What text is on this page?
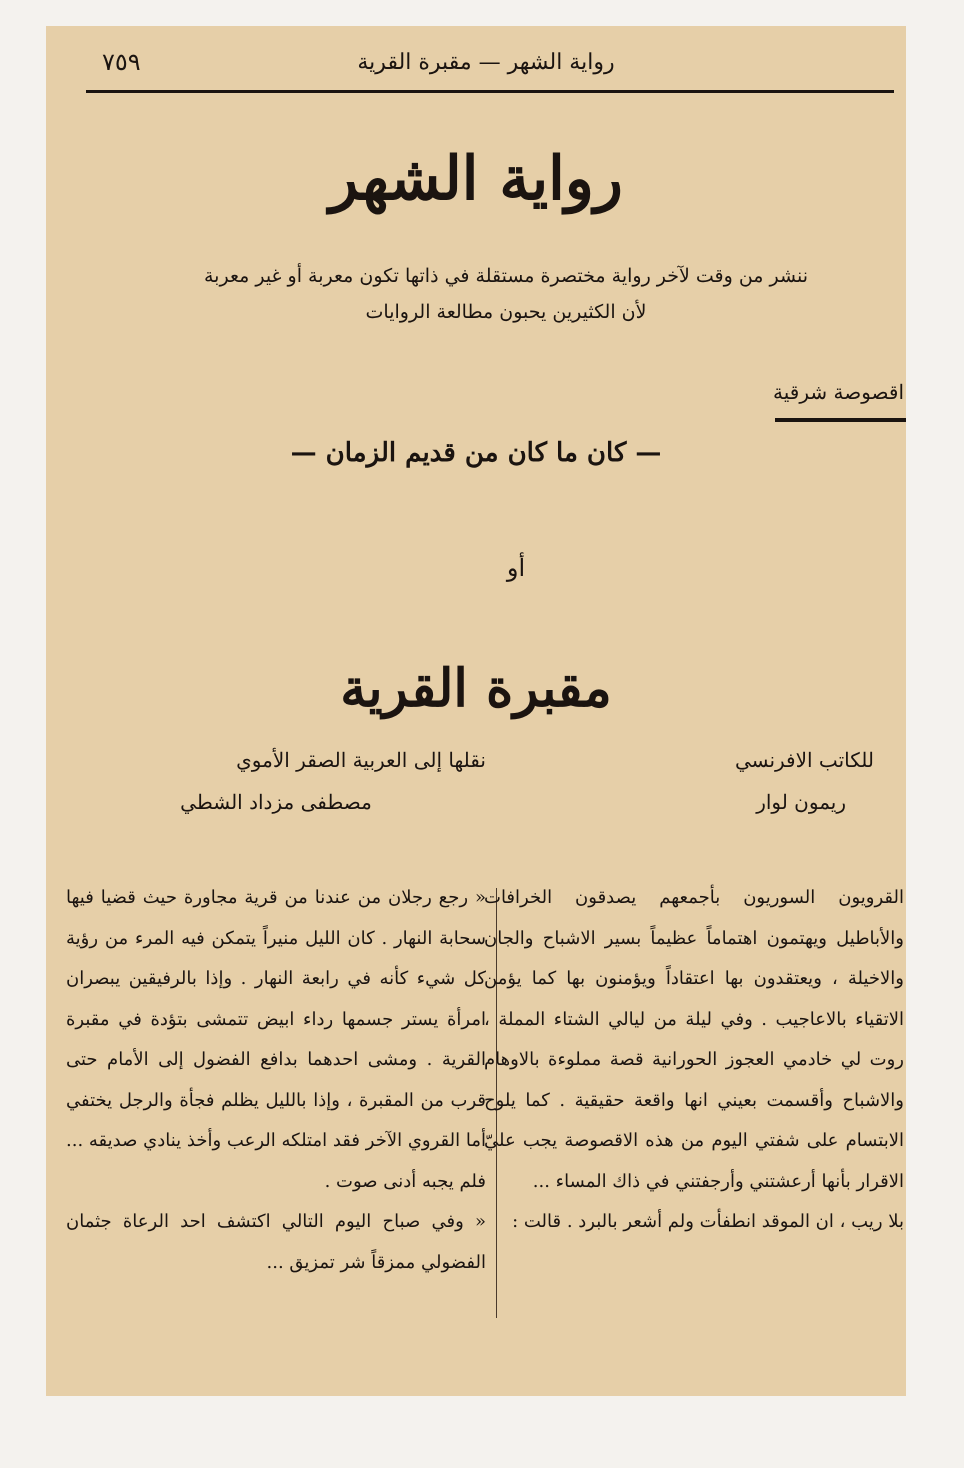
٧٥٩	رواية الشهر — مقبرة القرية
رواية الشهر
ننشر من وقت لآخر رواية مختصرة مستقلة في ذاتها تكون معربة أو غير معربة
لأن الكثيرين يحبون مطالعة الروايات
اقصوصة شرقية
— كان ما كان من قديم الزمان —
أو
مقبرة القرية
للكاتب الافرنسي
ريمون لوار
نقلها إلى العربية الصقر الأموي
مصطفى مزداد الشطي

القرويون السوريون بأجمعهم يصدقون الخرافات والأباطيل ويهتمون اهتماماً عظيماً بسير الاشباح والجان والاخيلة ، ويعتقدون بها اعتقاداً ويؤمنون بها كما يؤمن الاتقياء بالاعاجيب . وفي ليلة من ليالي الشتاء المملة ، روت لي خادمي العجوز الحورانية قصة مملوءة بالاوهام والاشباح وأقسمت بعيني انها واقعة حقيقية . كما يلوح الابتسام على شفتي اليوم من هذه الاقصوصة يجب عليّ الاقرار بأنها أرعشتني وأرجفتني في ذاك المساء ...

بلا ريب ، ان الموقد انطفأت ولم أشعر بالبرد . قالت :

« رجع رجلان من عندنا من قرية مجاورة حيث قضيا فيها سحابة النهار . كان الليل منيراً يتمكن فيه المرء من رؤية كل شيء كأنه في رابعة النهار . وإذا بالرفيقين يبصران امرأة يستر جسمها رداء ابيض تتمشى بتؤدة في مقبرة القرية . ومشى احدهما بدافع الفضول إلى الأمام حتى قرب من المقبرة ، وإذا بالليل يظلم فجأة والرجل يختفي أما القروي الآخر فقد امتلكه الرعب وأخذ ينادي صديقه ... فلم يجبه أدنى صوت .

« وفي صباح اليوم التالي اكتشف احد الرعاة جثمان الفضولي ممزقاً شر تمزيق ...
